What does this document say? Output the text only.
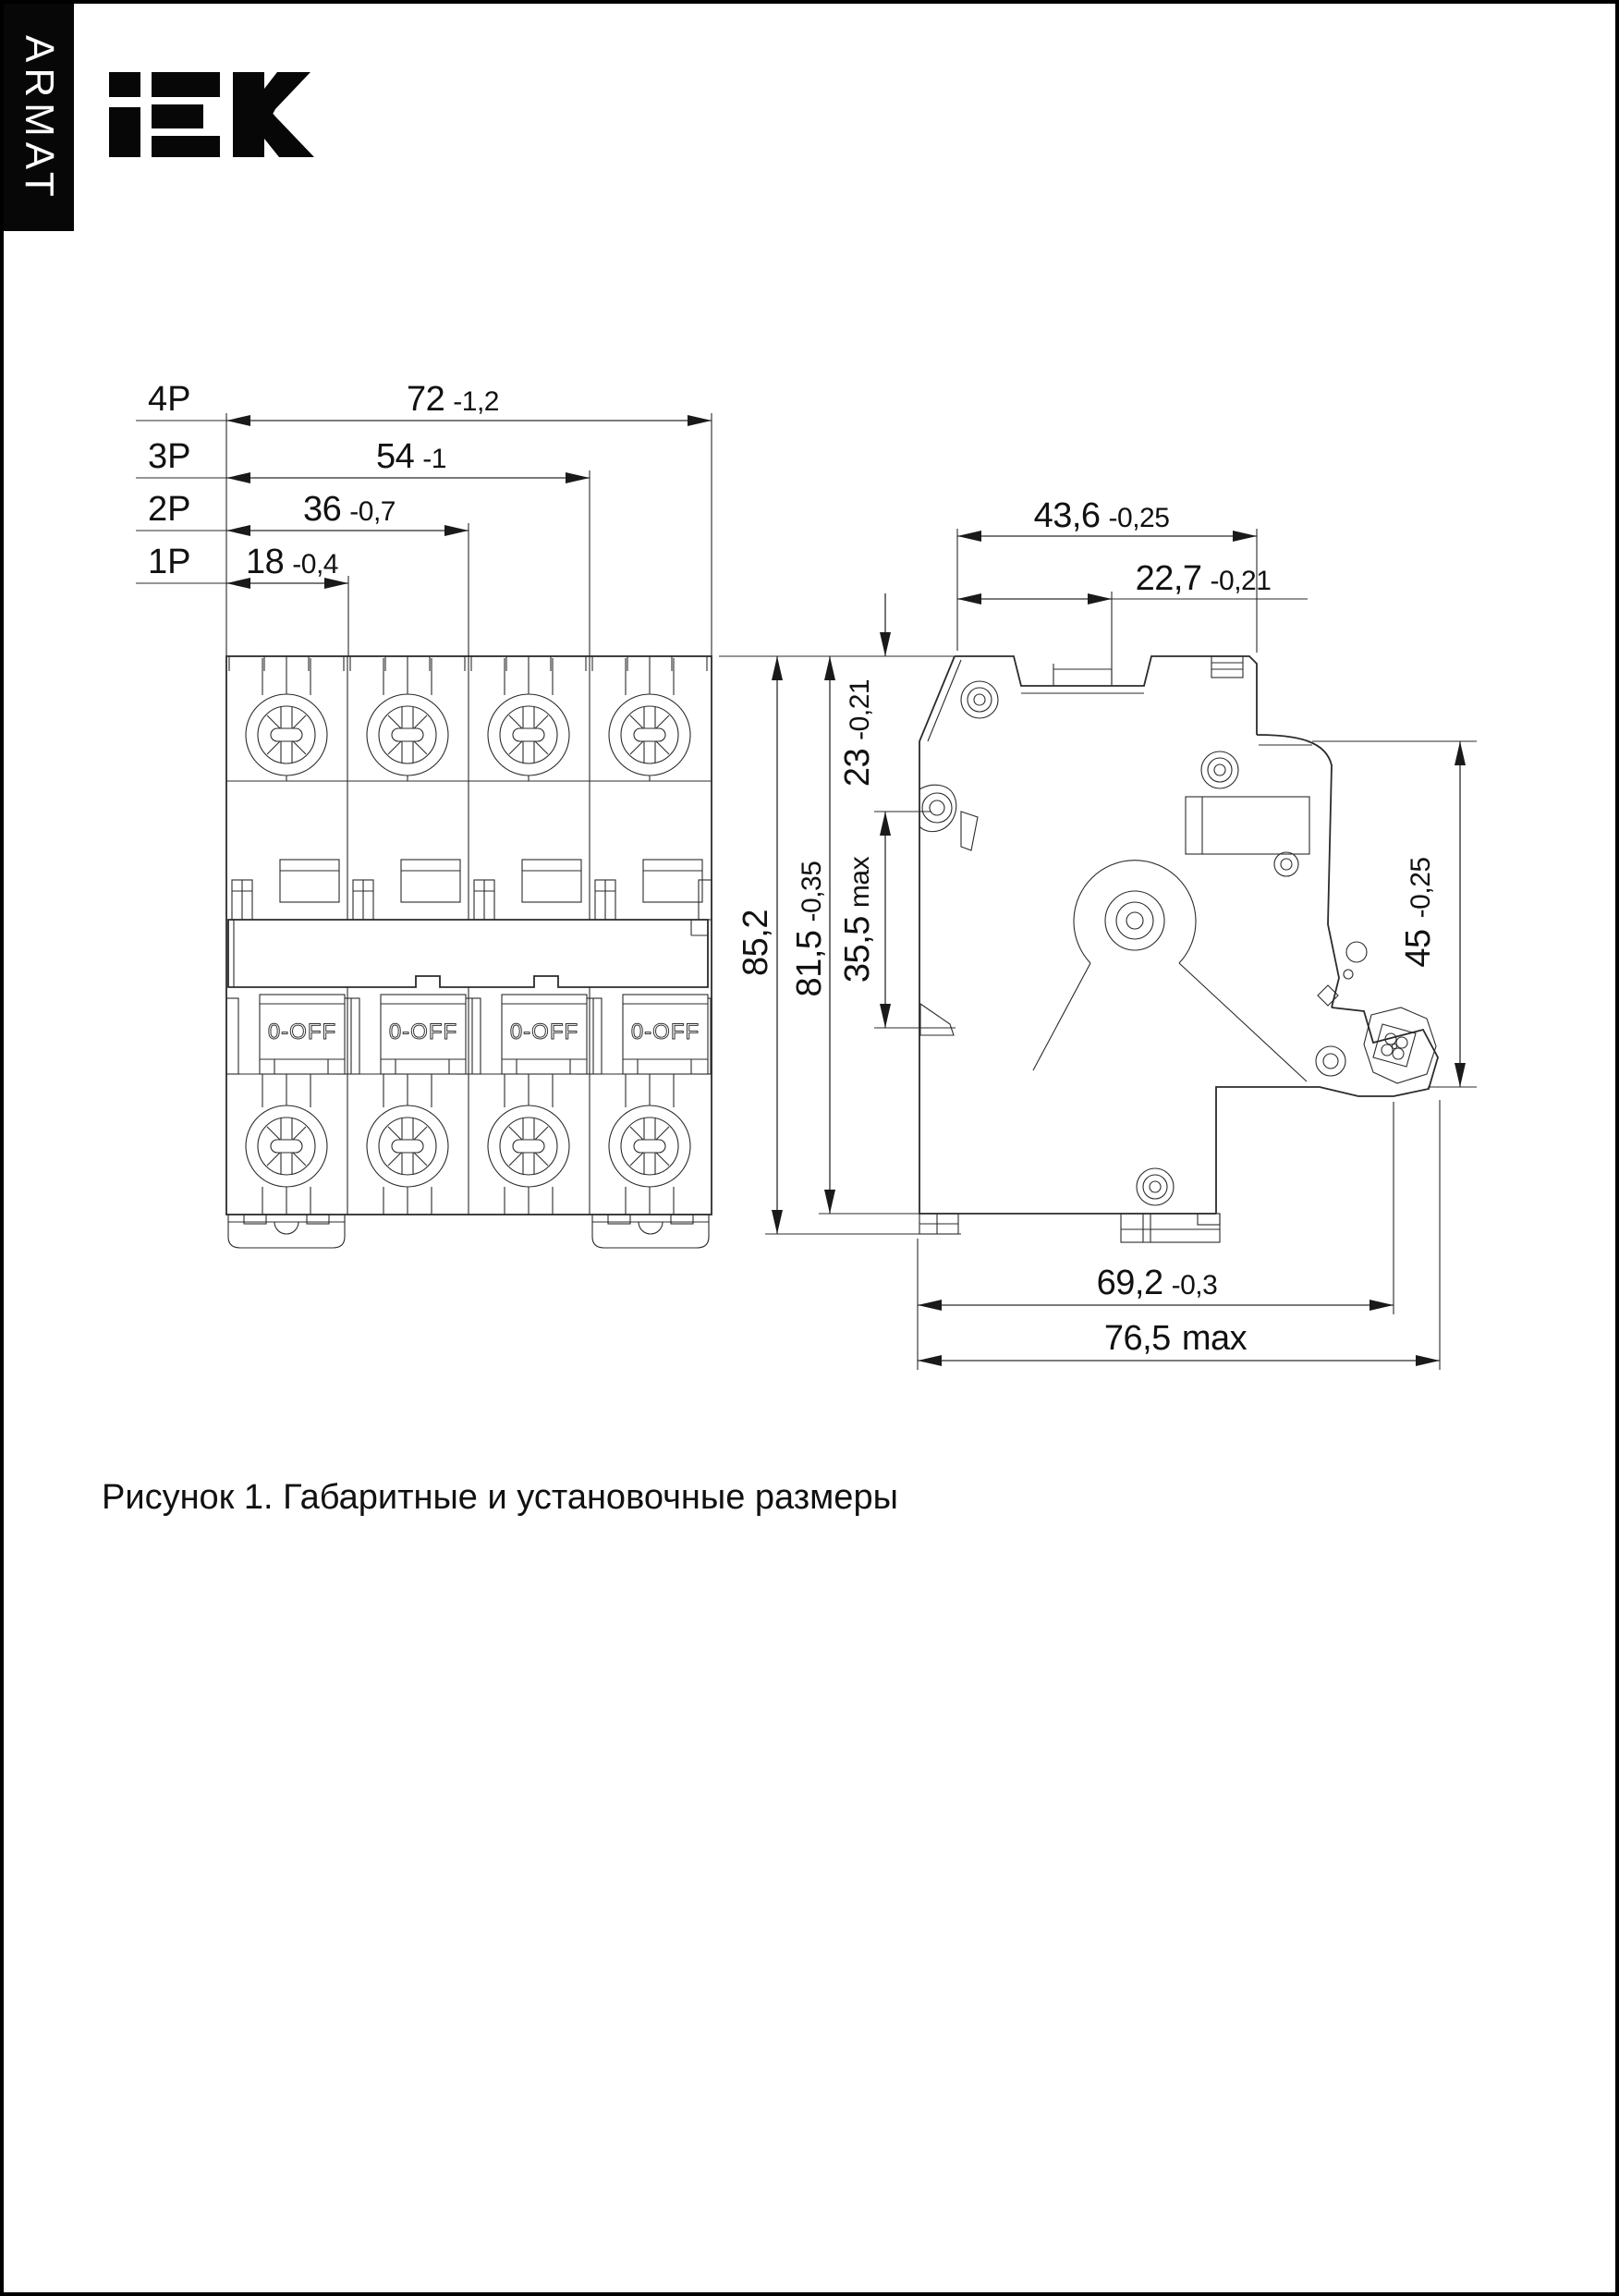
ARMAT
0-OFF 0-OFF 0-OFF 0-OFF
4P
3P
2P
1P
72 -1,2
54 -1
36 -0,7
18 -0,4
85,2 81,5-0,35
23-0,21
35,5max
43,6 -0,25
22,7 -0,21
45-0,25
69,2 -0,3
76,5 max
Рисунок 1. Габаритные и установочные размеры
